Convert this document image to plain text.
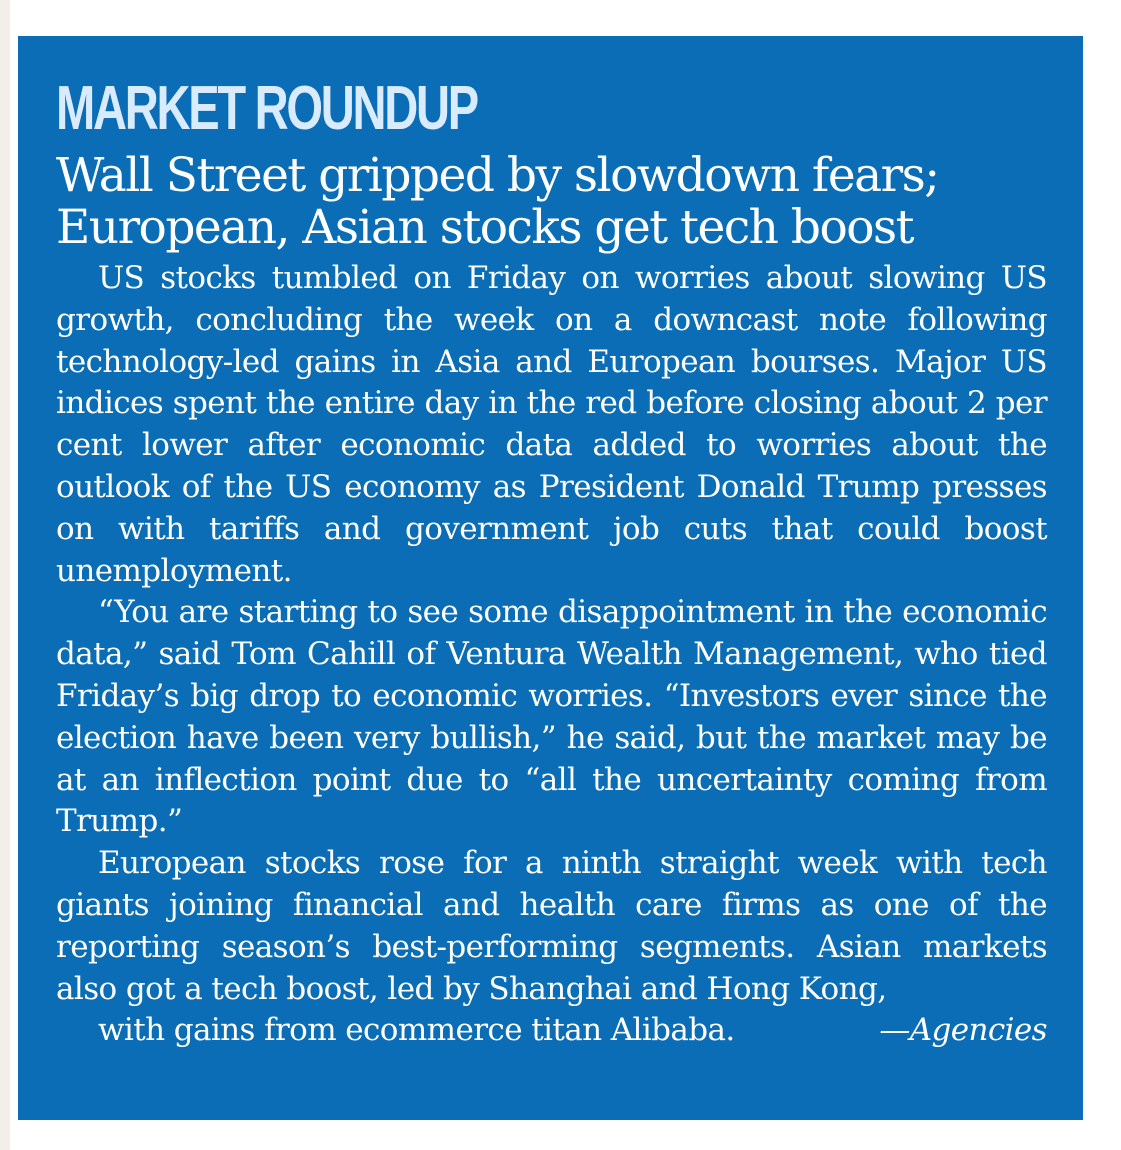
MARKET ROUNDUP
Wall Street gripped by slowdown fears;
European, Asian stocks get tech boost

US stocks tumbled on Friday on worries about slowing US growth, concluding the week on a downcast note following technology-led gains in Asia and European bourses. Major US indices spent the entire day in the red before closing about 2 per cent lower after economic data added to worries about the outlook of the US economy as President Donald Trump presses on with tariffs and government job cuts that could boost unemployment.

“You are starting to see some disappointment in the economic data,” said Tom Cahill of Ventura Wealth Management, who tied Friday’s big drop to economic worries. “Investors ever since the election have been very bullish,” he said, but the market may be at an inflection point due to “all the uncertainty coming from Trump.”

European stocks rose for a ninth straight week with tech giants joining financial and health care firms as one of the reporting season’s best-performing segments. Asian markets also got a tech boost, led by Shanghai and Hong Kong,

with gains from ecommerce titan Alibaba.	—Agencies
